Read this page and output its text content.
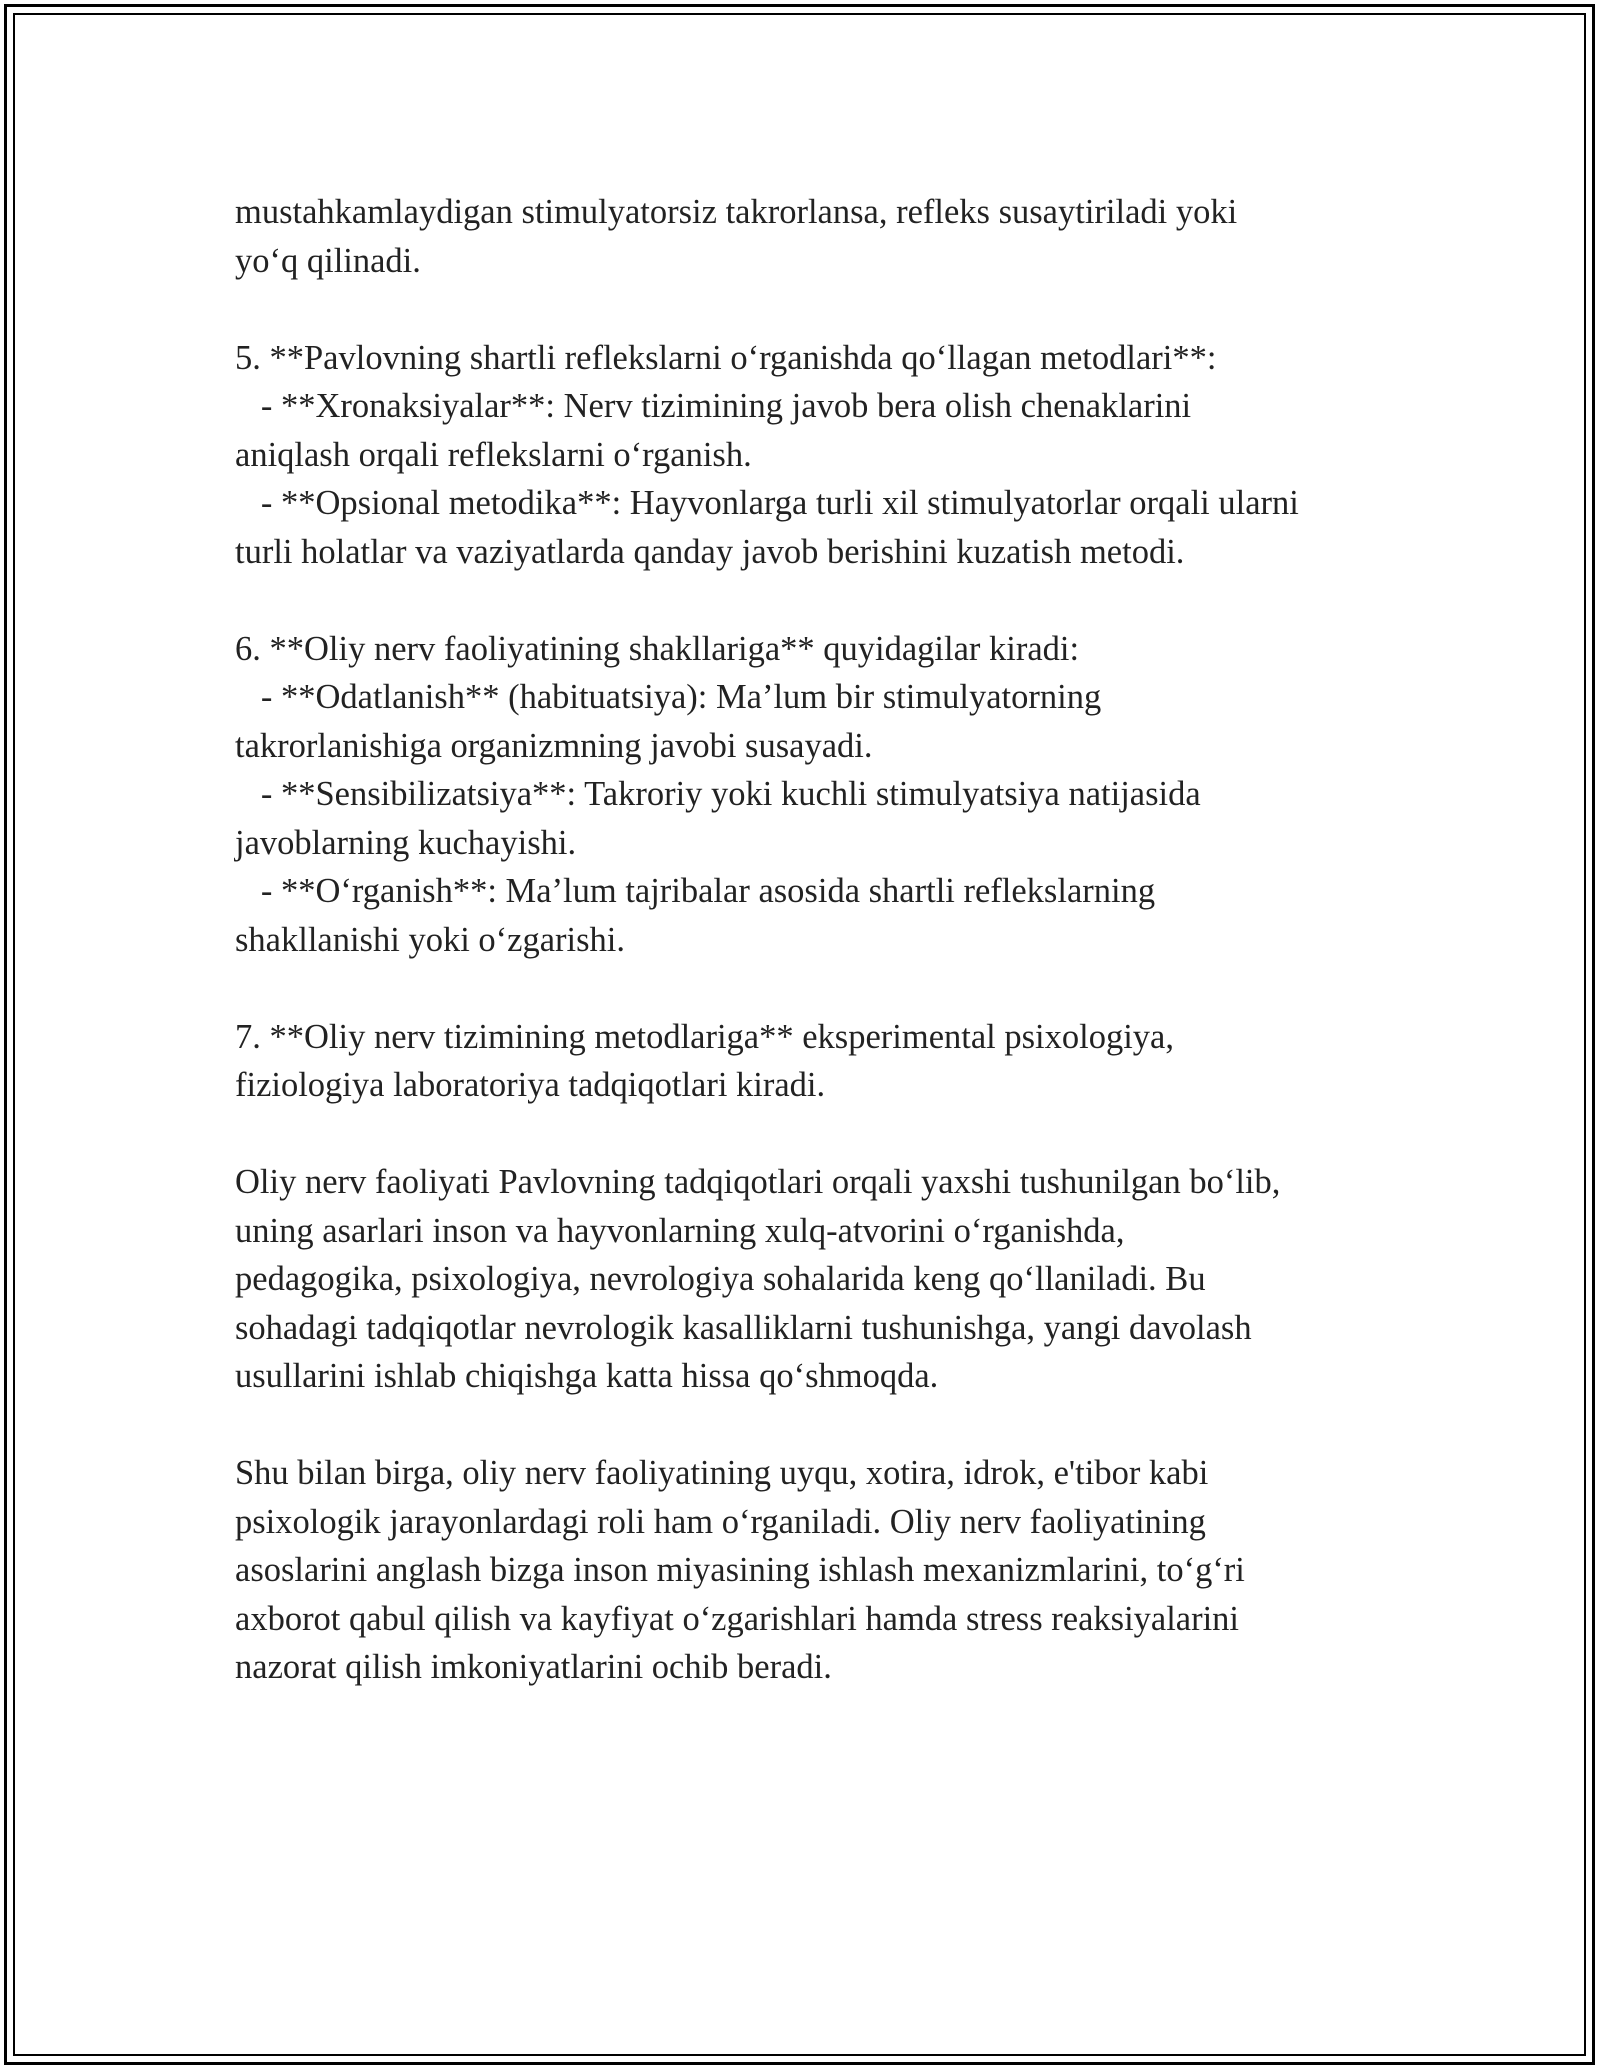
mustahkamlaydigan stimulyatorsiz takrorlansa, refleks susaytiriladi yoki
yo‘q qilinadi.
5. **Pavlovning shartli reflekslarni o‘rganishda qo‘llagan metodlari**:
- **Xronaksiyalar**: Nerv tizimining javob bera olish chenaklarini
aniqlash orqali reflekslarni o‘rganish.
- **Opsional metodika**: Hayvonlarga turli xil stimulyatorlar orqali ularni
turli holatlar va vaziyatlarda qanday javob berishini kuzatish metodi.
6. **Oliy nerv faoliyatining shakllariga** quyidagilar kiradi:
- **Odatlanish** (habituatsiya): Ma’lum bir stimulyatorning
takrorlanishiga organizmning javobi susayadi.
- **Sensibilizatsiya**: Takroriy yoki kuchli stimulyatsiya natijasida
javoblarning kuchayishi.
- **O‘rganish**: Ma’lum tajribalar asosida shartli reflekslarning
shakllanishi yoki o‘zgarishi.
7. **Oliy nerv tizimining metodlariga** eksperimental psixologiya,
fiziologiya laboratoriya tadqiqotlari kiradi.
Oliy nerv faoliyati Pavlovning tadqiqotlari orqali yaxshi tushunilgan bo‘lib,
uning asarlari inson va hayvonlarning xulq-atvorini o‘rganishda,
pedagogika, psixologiya, nevrologiya sohalarida keng qo‘llaniladi. Bu
sohadagi tadqiqotlar nevrologik kasalliklarni tushunishga, yangi davolash
usullarini ishlab chiqishga katta hissa qo‘shmoqda.
Shu bilan birga, oliy nerv faoliyatining uyqu, xotira, idrok, e'tibor kabi
psixologik jarayonlardagi roli ham o‘rganiladi. Oliy nerv faoliyatining
asoslarini anglash bizga inson miyasining ishlash mexanizmlarini, to‘g‘ri
axborot qabul qilish va kayfiyat o‘zgarishlari hamda stress reaksiyalarini
nazorat qilish imkoniyatlarini ochib beradi.
